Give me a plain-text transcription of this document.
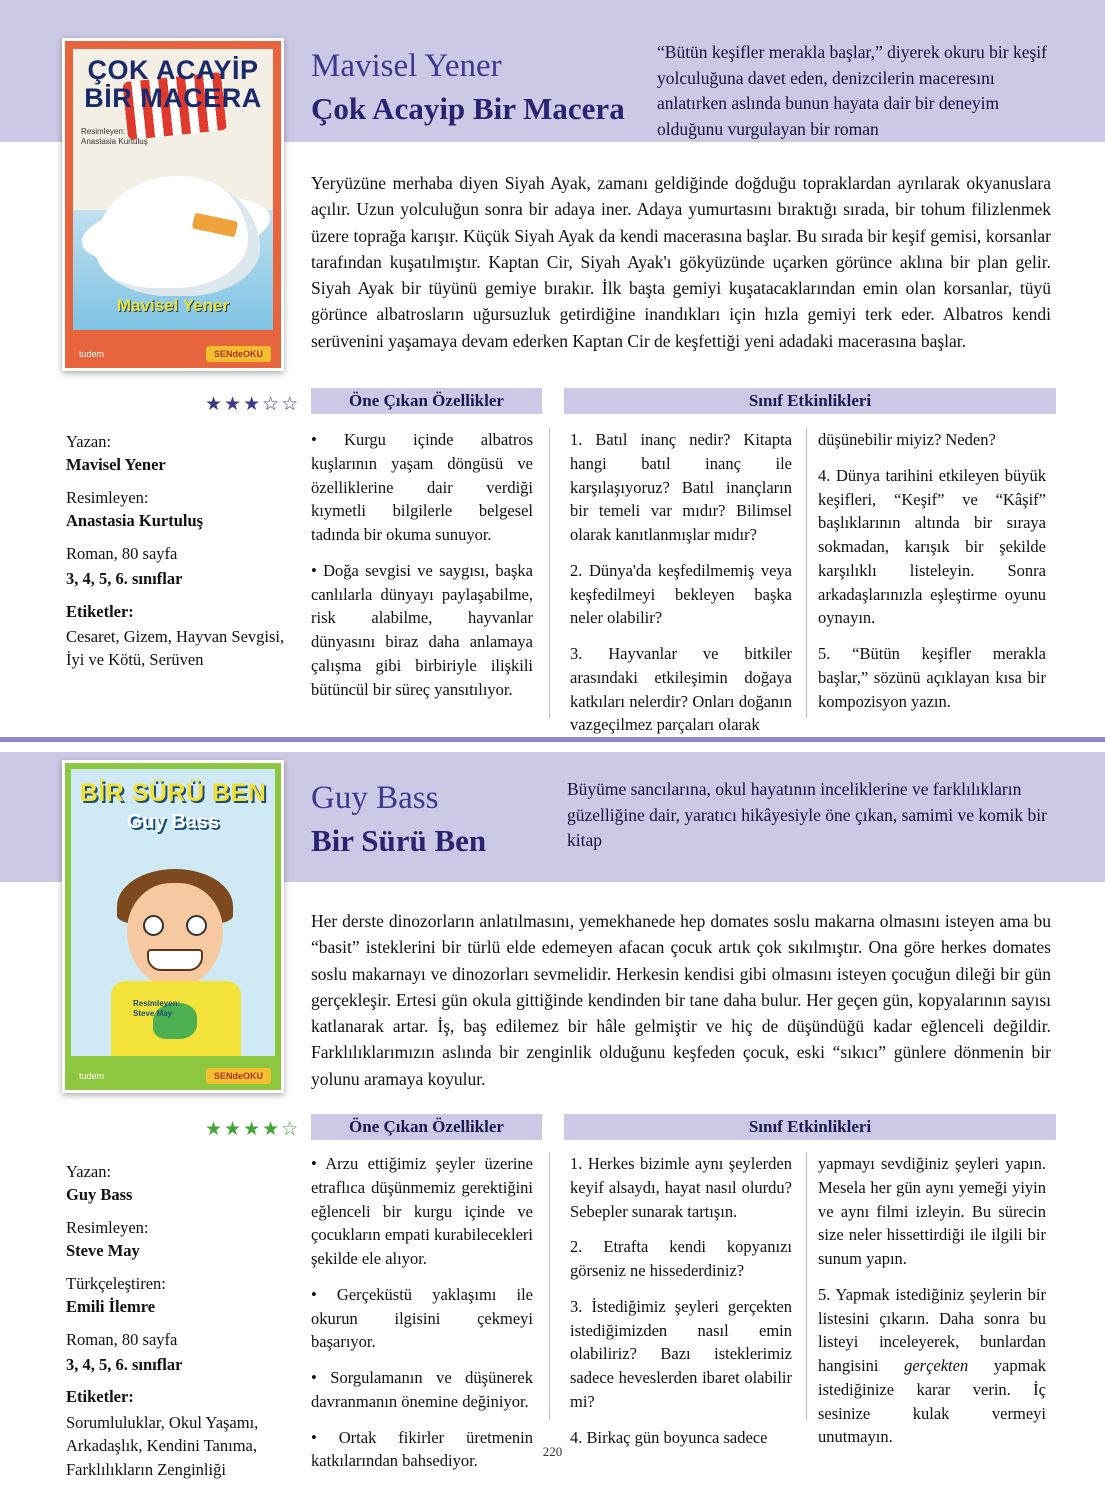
ÇOK ACAYİP
BİR MACERA
Resimleyen:
Anastasia Kurtuluş
Mavisel Yener
tudem	SENdeOKU
Mavisel Yener
Çok Acayip Bir Macera
“Bütün keşifler merakla başlar,” diyerek okuru bir keşif yolculuğuna davet eden, denizcilerin maceresını anlatırken aslında bunun hayata dair bir deneyim olduğunu vurgulayan bir roman
Yeryüzüne merhaba diyen Siyah Ayak, zamanı geldiğinde doğduğu topraklardan ayrılarak okyanuslara açılır. Uzun yolculuğun sonra bir adaya iner. Adaya yumurtasını bıraktığı sırada, bir tohum filizlenmek üzere toprağa karışır. Küçük Siyah Ayak da kendi macerasına başlar. Bu sırada bir keşif gemisi, korsanlar tarafından kuşatılmıştır. Kaptan Cir, Siyah Ayak'ı gökyüzünde uçarken görünce aklına bir plan gelir. Siyah Ayak bir tüyünü gemiye bırakır. İlk başta gemiyi kuşatacaklarından emin olan korsanlar, tüyü görünce albatrosların uğursuzluk getirdiğine inandıkları için hızla gemiyi terk eder. Albatros kendi serüvenini yaşamaya devam ederken Kaptan Cir de keşfettiği yeni adadaki macerasına başlar.
★★★☆☆
Yazan:
Mavisel Yener
Resimleyen:
Anastasia Kurtuluş
Roman, 80 sayfa
3, 4, 5, 6. sınıflar
Etiketler:
Cesaret, Gizem, Hayvan Sevgisi, İyi ve Kötü, Serüven
Öne Çıkan Özellikler	Sınıf Etkinlikleri

• Kurgu içinde albatros kuşlarının yaşam döngüsü ve özelliklerine dair verdiği kıymetli bilgilerle belgesel tadında bir okuma sunuyor.

• Doğa sevgisi ve saygısı, başka canlılarla dünyayı paylaşabilme, risk alabilme, hayvanlar dünyasını biraz daha anlamaya çalışma gibi birbiriyle ilişkili bütüncül bir süreç yansıtılıyor.

1. Batıl inanç nedir? Kitapta hangi batıl inanç ile karşılaşıyoruz? Batıl inançların bir temeli var mıdır? Bilimsel olarak kanıtlanmışlar mıdır?

2. Dünya'da keşfedilmemiş veya keşfedilmeyi bekleyen başka neler olabilir?

3. Hayvanlar ve bitkiler arasındaki etkileşimin doğaya katkıları nelerdir? Onları doğanın vazgeçilmez parçaları olarak

düşünebilir miyiz? Neden?

4. Dünya tarihini etkileyen büyük keşifleri, “Keşif” ve “Kâşif” başlıklarının altında bir sıraya sokmadan, karışık bir şekilde karşılıklı listeleyin. Sonra arkadaşlarınızla eşleştirme oyunu oynayın.

5. “Bütün keşifler merakla başlar,” sözünü açıklayan kısa bir kompozisyon yazın.

BİR SÜRÜ BEN
Guy Bass
Resimleyen:
Steve May
tudem	SENdeOKU
Guy Bass
Bir Sürü Ben
Büyüme sancılarına, okul hayatının inceliklerine ve farklılıkların güzelliğine dair, yaratıcı hikâyesiyle öne çıkan, samimi ve komik bir kitap
Her derste dinozorların anlatılmasını, yemekhanede hep domates soslu makarna olmasını isteyen ama bu “basit” isteklerini bir türlü elde edemeyen afacan çocuk artık çok sıkılmıştır. Ona göre herkes domates soslu makarnayı ve dinozorları sevmelidir. Herkesin kendisi gibi olmasını isteyen çocuğun dileği bir gün gerçekleşir. Ertesi gün okula gittiğinde kendinden bir tane daha bulur. Her geçen gün, kopyalarının sayısı katlanarak artar. İş, baş edilemez bir hâle gelmiştir ve hiç de düşündüğü kadar eğlenceli değildir. Farklılıklarımızın aslında bir zenginlik olduğunu keşfeden çocuk, eski “sıkıcı” günlere dönmenin bir yolunu aramaya koyulur.
★★★★☆
Yazan:
Guy Bass
Resimleyen:
Steve May
Türkçeleştiren:
Emili İlemre
Roman, 80 sayfa
3, 4, 5, 6. sınıflar
Etiketler:
Sorumluluklar, Okul Yaşamı, Arkadaşlık, Kendini Tanıma, Farklılıkların Zenginliği
Öne Çıkan Özellikler	Sınıf Etkinlikleri

• Arzu ettiğimiz şeyler üzerine etraflıca düşünmemiz gerektiğini eğlenceli bir kurgu içinde ve çocukların empati kurabilecekleri şekilde ele alıyor.

• Gerçeküstü yaklaşımı ile okurun ilgisini çekmeyi başarıyor.

• Sorgulamanın ve düşünerek davranmanın önemine değiniyor.

• Ortak fikirler üretmenin katkılarından bahsediyor.

1. Herkes bizimle aynı şeylerden keyif alsaydı, hayat nasıl olurdu? Sebepler sunarak tartışın.

2. Etrafta kendi kopyanızı görseniz ne hissederdiniz?

3. İstediğimiz şeyleri gerçekten istediğimizden nasıl emin olabiliriz? Bazı isteklerimiz sadece heveslerden ibaret olabilir mi?

4. Birkaç gün boyunca sadece

yapmayı sevdiğiniz şeyleri yapın. Mesela her gün aynı yemeği yiyin ve aynı filmi izleyin. Bu sürecin size neler hissettirdiği ile ilgili bir sunum yapın.

5. Yapmak istediğiniz şeylerin bir listesini çıkarın. Daha sonra bu listeyi inceleyerek, bunlardan hangisini gerçekten yapmak istediğinize karar verin. İç sesinize kulak vermeyi unutmayın.

220
